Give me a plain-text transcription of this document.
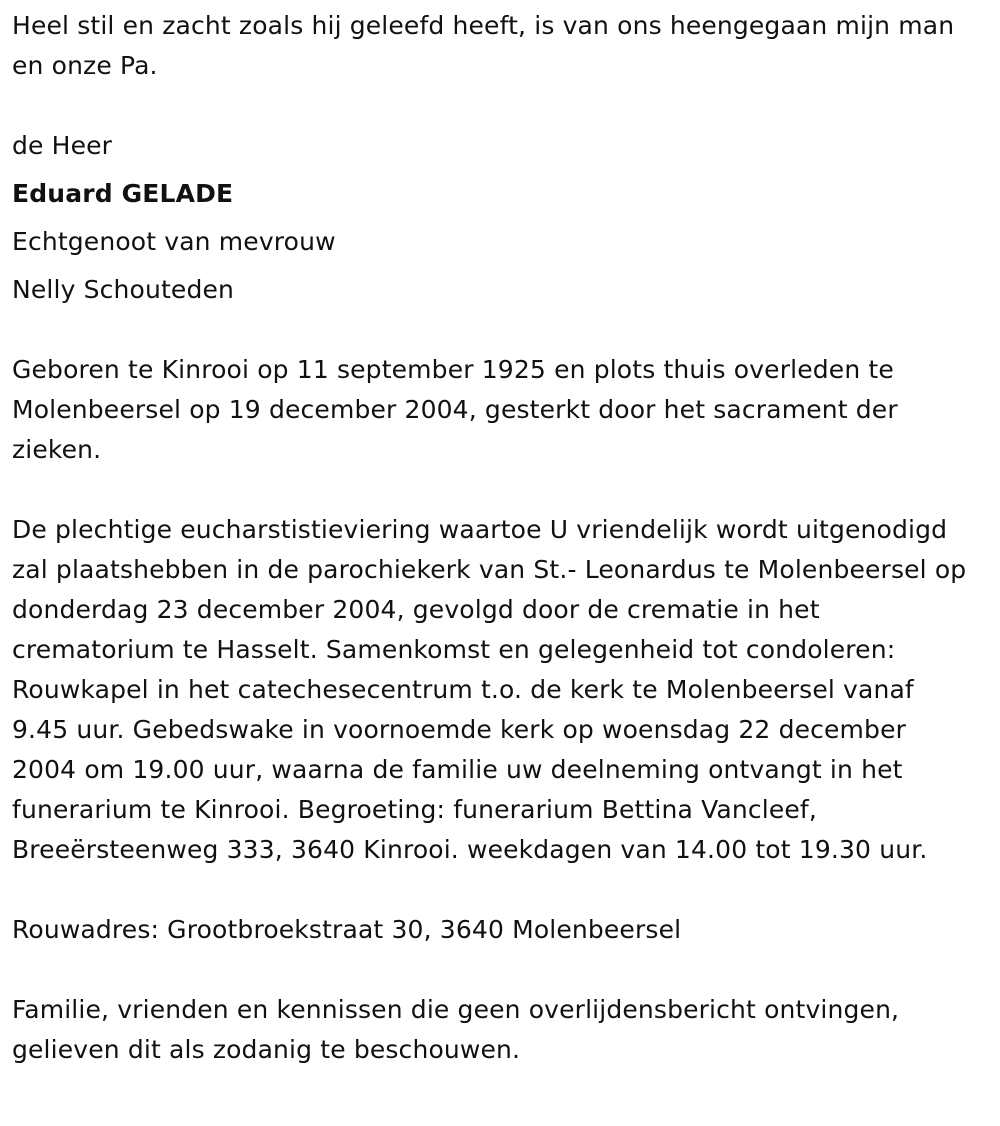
Heel stil en zacht zoals hij geleefd heeft, is van ons heengegaan mijn man en onze Pa.

de Heer

Eduard GELADE

Echtgenoot van mevrouw

Nelly Schouteden

Geboren te Kinrooi op 11 september 1925 en plots thuis overleden te Molenbeersel op 19 december 2004, gesterkt door het sacrament der zieken.

De plechtige eucharstistieviering waartoe U vriendelijk wordt uitgenodigd zal plaatshebben in de parochiekerk van St.- Leonardus te Molenbeersel op donderdag 23 december 2004, gevolgd door de crematie in het crematorium te Hasselt. Samenkomst en gelegenheid tot condoleren: Rouwkapel in het catechesecentrum t.o. de kerk te Molenbeersel vanaf 9.45 uur. Gebedswake in voornoemde kerk op woensdag 22 december 2004 om 19.00 uur, waarna de familie uw deelneming ontvangt in het funerarium te Kinrooi. Begroeting: funerarium Bettina Vancleef, Breeërsteenweg 333, 3640 Kinrooi. weekdagen van 14.00 tot 19.30 uur.

Rouwadres: Grootbroekstraat 30, 3640 Molenbeersel

Familie, vrienden en kennissen die geen overlijdensbericht ontvingen, gelieven dit als zodanig te beschouwen.
